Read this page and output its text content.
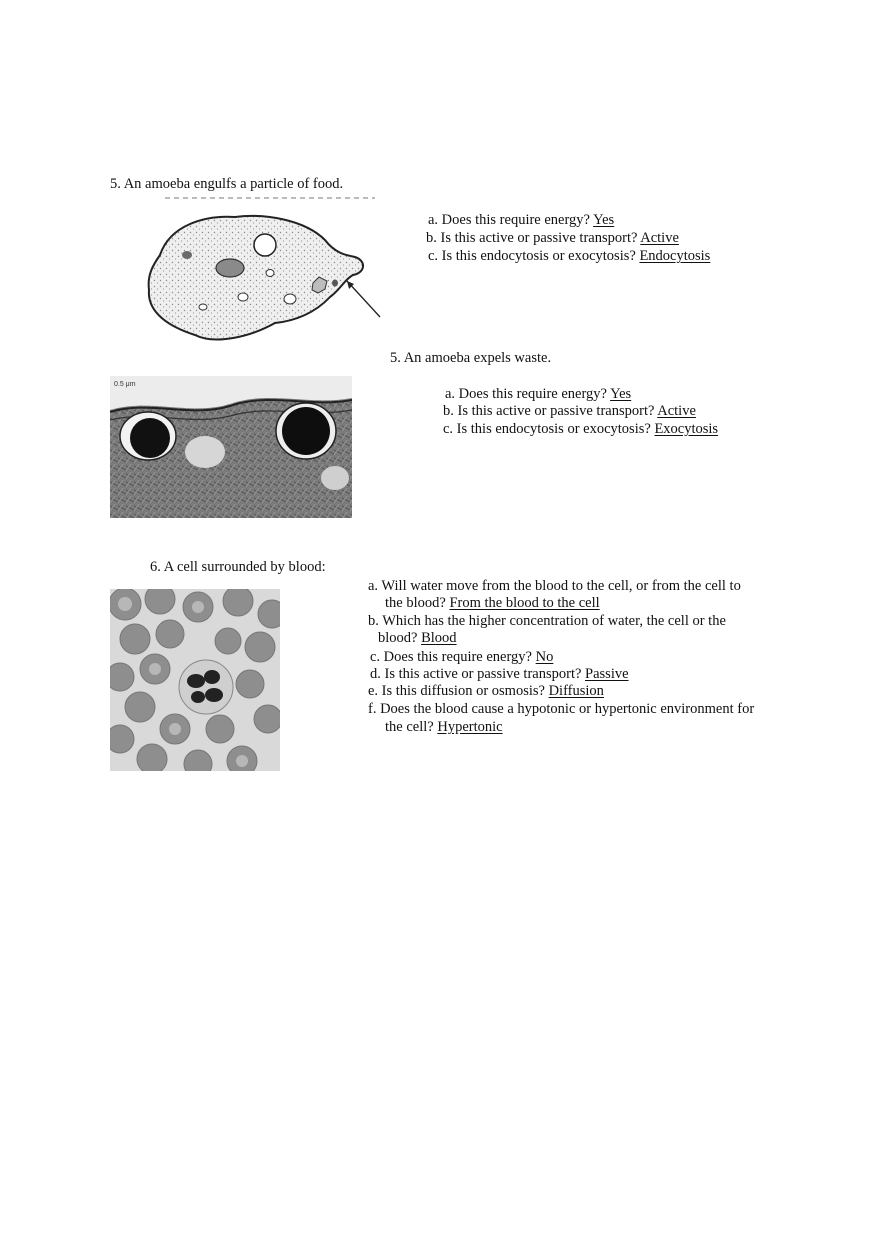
5. An amoeba engulfs a particle of food.
a. Does this require energy? Yes
b. Is this active or passive transport? Active
c. Is this endocytosis or exocytosis? Endocytosis
5. An amoeba expels waste.
0.5 μm
a. Does this require energy? Yes
b. Is this active or passive transport? Active
c. Is this endocytosis or exocytosis? Exocytosis
6. A cell surrounded by blood:
a. Will water move from the blood to the cell, or from the cell to
the blood? From the blood to the cell
b. Which has the higher concentration of water, the cell or the
blood? Blood
c. Does this require energy? No
d. Is this active or passive transport? Passive
e. Is this diffusion or osmosis? Diffusion
f. Does the blood cause a hypotonic or hypertonic environment for
the cell? Hypertonic
